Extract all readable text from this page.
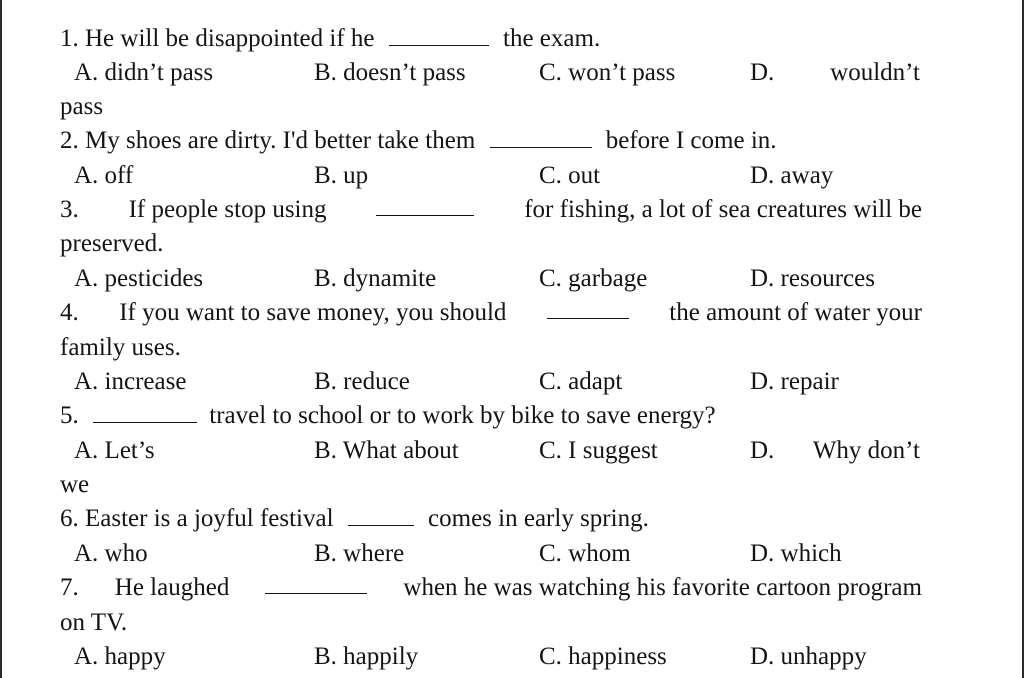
1. He will be disappointed if he	the exam.
A. didn’t pass	B. doesn’t pass	C. won’t pass	D. wouldn’t
pass
2. My shoes are dirty. I'd better take them	before I come in.
A. off	B. up	C. out	D. away
3. If people stop using	for fishing, a lot of sea creatures will be
preserved.
A. pesticides	B. dynamite	C. garbage	D. resources
4. If you want to save money, you should	the amount of water your
family uses.
A. increase	B. reduce	C. adapt	D. repair
5.	travel to school or to work by bike to save energy?
A. Let’s	B. What about	C. I suggest	D. Why don’t
we
6. Easter is a joyful festival	comes in early spring.
A. who	B. where	C. whom	D. which
7. He laughed	when he was watching his favorite cartoon program
on TV.
A. happy	B. happily	C. happiness	D. unhappy
